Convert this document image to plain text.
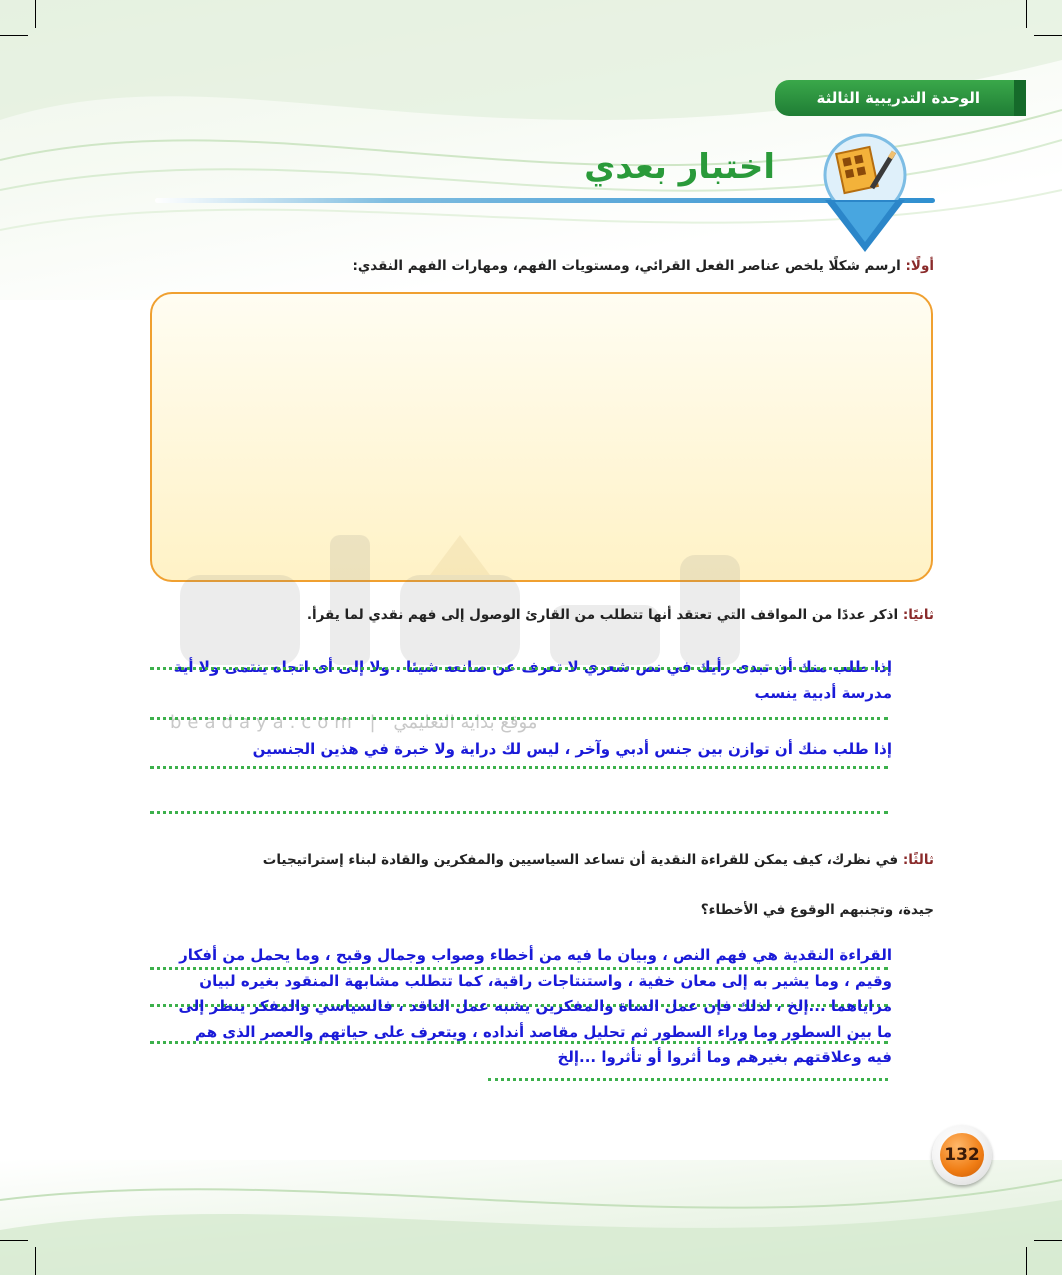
الوحدة التدريبية الثالثة
اختبار بعدي
أولًا: ارسم شكلًا يلخص عناصر الفعل القرائي، ومستويات الفهم، ومهارات الفهم النقدي:
beadaya.com | موقع بداية التعليمي
ثانيًا: اذكر عددًا من المواقف التي تعتقد أنها تتطلب من القارئ الوصول إلى فهم نقدي لما يقرأ.
إذا طلب منك أن تبدى رأيك في نص شعري لا تعرف عن صانعه شيئا ، ولا إلى أى اتجاه ينتمى ولا أية مدرسة أدبية ينسب
إذا طلب منك أن توازن بين جنس أدبي وآخر ، ليس لك دراية ولا خبرة في هذين الجنسين
ثالثًا: في نظرك، كيف يمكن للقراءة النقدية أن تساعد السياسيين والمفكرين والقادة لبناء إستراتيجيات
جيدة، وتجنبهم الوقوع في الأخطاء؟
القراءة النقدية هي فهم النص ، وبيان ما فيه من أخطاء وصواب وجمال وقبح ، وما يحمل من أفكار وقيم ، وما يشير به إلى معان خفية ، واستنتاجات راقية، كما تتطلب مشابهة المنقود بغيره لبيان مزاياهما ...إلخ ، لذلك فإن عمل الساة والمفكرين يشبه عمل الناقد ، فالسياسي والمفكر ينظر إلى ما بين السطور وما وراء السطور ثم تحليل مقاصد أنداده ، ويتعرف على حياتهم والعصر الذى هم فيه وعلاقتهم بغيرهم وما أثروا أو تأثروا ...إلخ
132
